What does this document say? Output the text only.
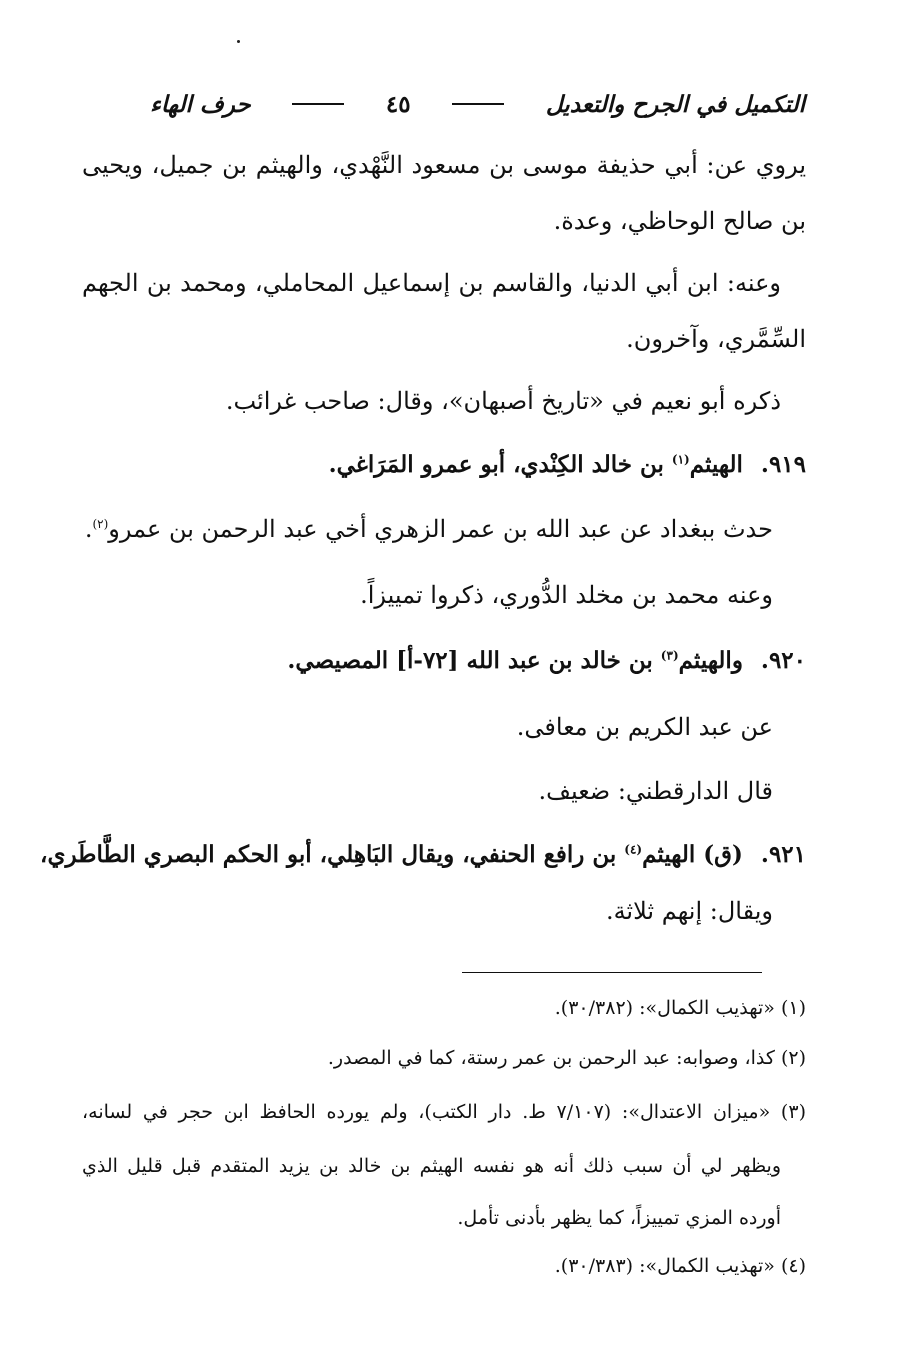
التكميل في الجرح والتعديل
٤٥
حرف الهاء
يروي عن: أبي حذيفة موسى بن مسعود النَّهْدي، والهيثم بن جميل، ويحيى
بن صالح الوحاظي، وعدة.
وعنه: ابن أبي الدنيا، والقاسم بن إسماعيل المحاملي، ومحمد بن الجهم
السِّمَّري، وآخرون.
ذكره أبو نعيم في «تاريخ أصبهان»، وقال: صاحب غرائب.
٩١٩.الهيثم$^{(١)}$ بن خالد الكِنْدي، أبو عمرو المَرَاغي.
حدث ببغداد عن عبد الله بن عمر الزهري أخي عبد الرحمن بن عمرو$^{(٢)}$.
وعنه محمد بن مخلد الدُّوري، ذكروا تمييزاً.
٩٢٠.والهيثم$^{(٣)}$ بن خالد بن عبد الله [٧٢-أ] المصيصي.
عن عبد الكريم بن معافى.
قال الدارقطني: ضعيف.
٩٢١.(ق) الهيثم$^{(٤)}$ بن رافع الحنفي، ويقال البَاهِلي، أبو الحكم البصري الطَّاطَري،
ويقال: إنهم ثلاثة.
(١) «تهذيب الكمال»: (٣٠/٣٨٢).
(٢) كذا، وصوابه: عبد الرحمن بن عمر رستة، كما في المصدر.
(٣) «ميزان الاعتدال»: (٧/١٠٧ ط. دار الكتب)، ولم يورده الحافظ ابن حجر في لسانه،
ويظهر لي أن سبب ذلك أنه هو نفسه الهيثم بن خالد بن يزيد المتقدم قبل قليل الذي
أورده المزي تمييزاً، كما يظهر بأدنى تأمل.
(٤) «تهذيب الكمال»: (٣٠/٣٨٣).
